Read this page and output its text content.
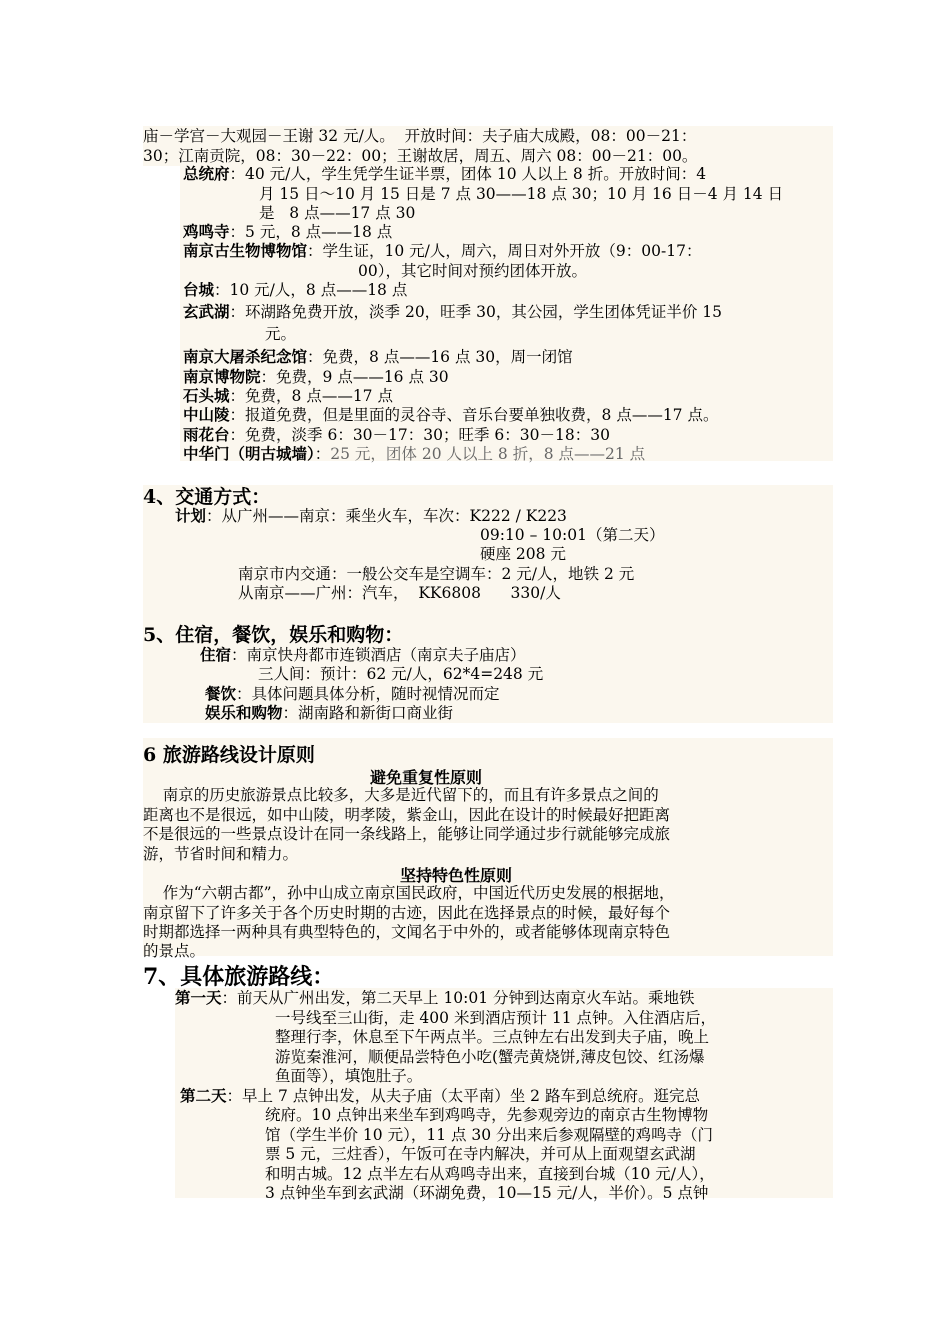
庙－学宫－大观园－王谢 32 元/人。  开放时间：夫子庙大成殿，08：00－21：
30；江南贡院，08：30－22：00；王谢故居，周五、周六 08：00－21：00。
总统府：40 元/人，学生凭学生证半票，团体 10 人以上 8 折。开放时间：4
月 15 日～10 月 15 日是 7 点 30——18 点 30；10 月 16 日－4 月 14 日
是   8 点——17 点 30
鸡鸣寺：5 元，8 点——18 点
南京古生物博物馆：学生证，10 元/人，周六，周日对外开放（9：00-17：
00），其它时间对预约团体开放。
台城：10 元/人，8 点——18 点
玄武湖：环湖路免费开放，淡季 20，旺季 30，其公园，学生团体凭证半价 15
元。
南京大屠杀纪念馆：免费，8 点——16 点 30，周一闭馆
南京博物院：免费，9 点——16 点 30
石头城：免费，8 点——17 点
中山陵：报道免费，但是里面的灵谷寺、音乐台要单独收费，8 点——17 点。
雨花台：免费，淡季 6：30－17：30；旺季 6：30－18：30
中华门（明古城墙）：25 元，团体 20 人以上 8 折，8 点——21 点
4、交通方式：
计划：从广州——南京：乘坐火车，车次：K222 / K223
09:10 – 10:01（第二天）
硬座 208 元
南京市内交通：一般公交车是空调车：2 元/人，地铁 2 元
从南京——广州：汽车，  KK6808      330/人
5、住宿，餐饮，娱乐和购物：
住宿：南京快舟都市连锁酒店（南京夫子庙店）
三人间：预计：62 元/人，62*4=248 元
餐饮：具体问题具体分析，随时视情况而定
娱乐和购物：湖南路和新街口商业街
6 旅游路线设计原则
避免重复性原则
南京的历史旅游景点比较多，大多是近代留下的，而且有许多景点之间的
距离也不是很远，如中山陵，明孝陵，紫金山，因此在设计的时候最好把距离
不是很远的一些景点设计在同一条线路上，能够让同学通过步行就能够完成旅
游，节省时间和精力。
坚持特色性原则
作为“六朝古都”，孙中山成立南京国民政府，中国近代历史发展的根据地，
南京留下了许多关于各个历史时期的古迹，因此在选择景点的时候，最好每个
时期都选择一两种具有典型特色的，文闻名于中外的，或者能够体现南京特色
的景点。
7、具体旅游路线：
第一天：前天从广州出发，第二天早上 10:01 分钟到达南京火车站。乘地铁
一号线至三山街，走 400 米到酒店预计 11 点钟。入住酒店后，
整理行李，休息至下午两点半。三点钟左右出发到夫子庙，晚上
游览秦淮河，顺便品尝特色小吃(蟹壳黄烧饼,薄皮包饺、红汤爆
鱼面等），填饱肚子。
第二天：早上 7 点钟出发，从夫子庙（太平南）坐 2 路车到总统府。逛完总
统府。10 点钟出来坐车到鸡鸣寺，先参观旁边的南京古生物博物
馆（学生半价 10 元），11 点 30 分出来后参观隔壁的鸡鸣寺（门
票 5 元，三炷香），午饭可在寺内解决，并可从上面观望玄武湖
和明古城。12 点半左右从鸡鸣寺出来，直接到台城（10 元/人），
3 点钟坐车到玄武湖（环湖免费，10—15 元/人，半价）。5 点钟
